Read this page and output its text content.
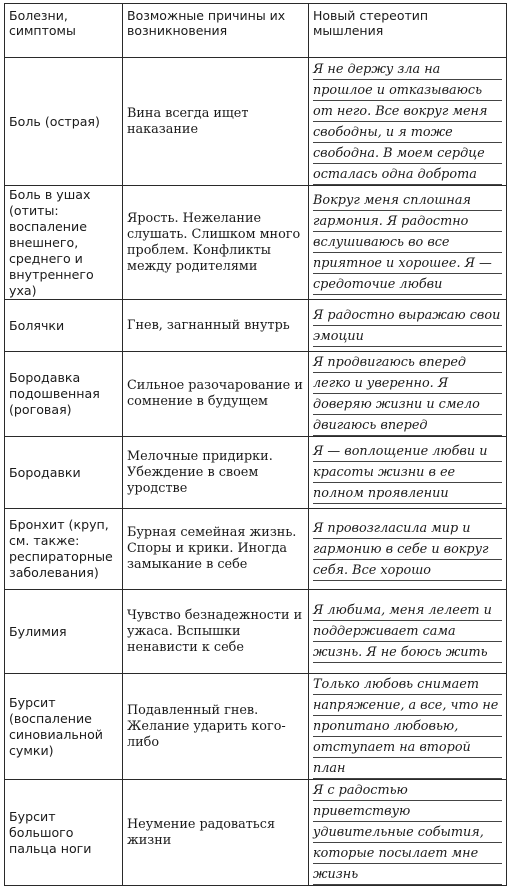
Болезни, симптомы	Возможные причины их возникновения	Новый стереотип мышления
Боль (острая)	Вина всегда ищет наказание	Я не держу зла на прошлое и отказываюсь от него. Все вокруг меня свободны, и я тоже свободна. В моем сердце осталась одна доброта

Боль в ушах (отиты: воспаление внешнего, среднего и внутреннего уха)	Ярость. Нежелание слушать. Слишком много проблем. Конфликты между родителями	Вокруг меня сплошная гармония. Я радостно вслушиваюсь во все приятное и хорошее. Я — средоточие любви

Болячки	Гнев, загнанный внутрь	Я радостно выражаю свои эмоции

Бородавка подошвенная (роговая)	Сильное разочарование и сомнение в будущем	Я продвигаюсь вперед легко и уверенно. Я доверяю жизни и смело двигаюсь вперед

Бородавки	Мелочные придирки. Убеждение в своем уродстве	Я — воплощение любви и красоты жизни в ее полном проявлении

Бронхит (круп, см. также: респираторные заболевания)	Бурная семейная жизнь. Споры и крики. Иногда замыкание в себе	Я провозгласила мир и гармонию в себе и вокруг себя. Все хорошо

Булимия	Чувство безнадежности и ужаса. Вспышки ненависти к себе	Я любима, меня лелеет и поддерживает сама жизнь. Я не боюсь жить

Бурсит (воспаление синовиальной сумки)	Подавленный гнев. Желание ударить кого-либо	Только любовь снимает напряжение, а все, что не пропитано любовью, отступает на второй план

Бурсит большого пальца ноги	Неумение радоваться жизни	Я с радостью приветствую удивительные события, которые посылает мне жизнь
